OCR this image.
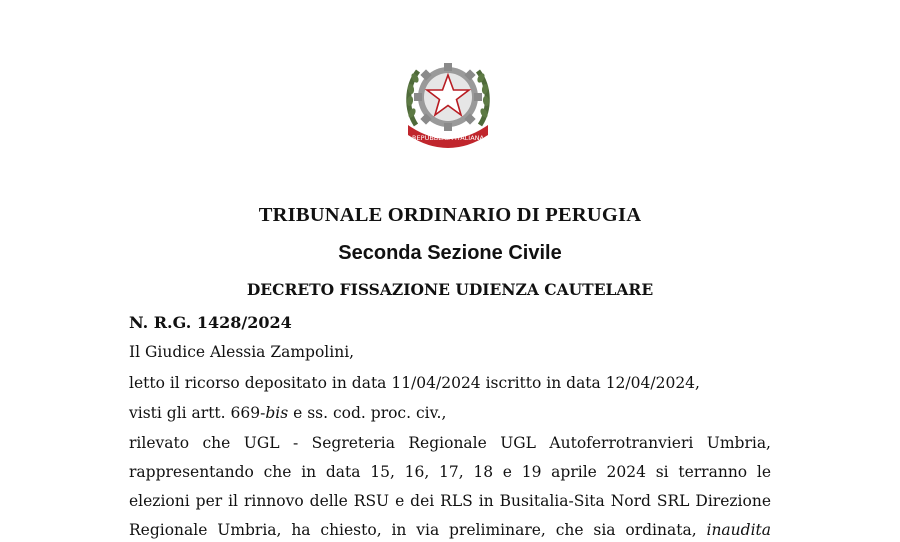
REPUBBLICA ITALIANA
TRIBUNALE ORDINARIO DI PERUGIA
Seconda Sezione Civile
DECRETO FISSAZIONE UDIENZA CAUTELARE

N. R.G. 1428/2024

Il Giudice Alessia Zampolini,

letto il ricorso depositato in data 11/04/2024 iscritto in data 12/04/2024,

visti gli artt. 669-bis e ss. cod. proc. civ.,

rilevato che UGL - Segreteria Regionale UGL Autoferrotranvieri Umbria,

rappresentando che in data 15, 16, 17, 18 e 19 aprile 2024 si terranno le

elezioni per il rinnovo delle RSU e dei RLS in Busitalia-Sita Nord SRL Direzione

Regionale Umbria, ha chiesto, in via preliminare, che sia ordinata, inaudita
